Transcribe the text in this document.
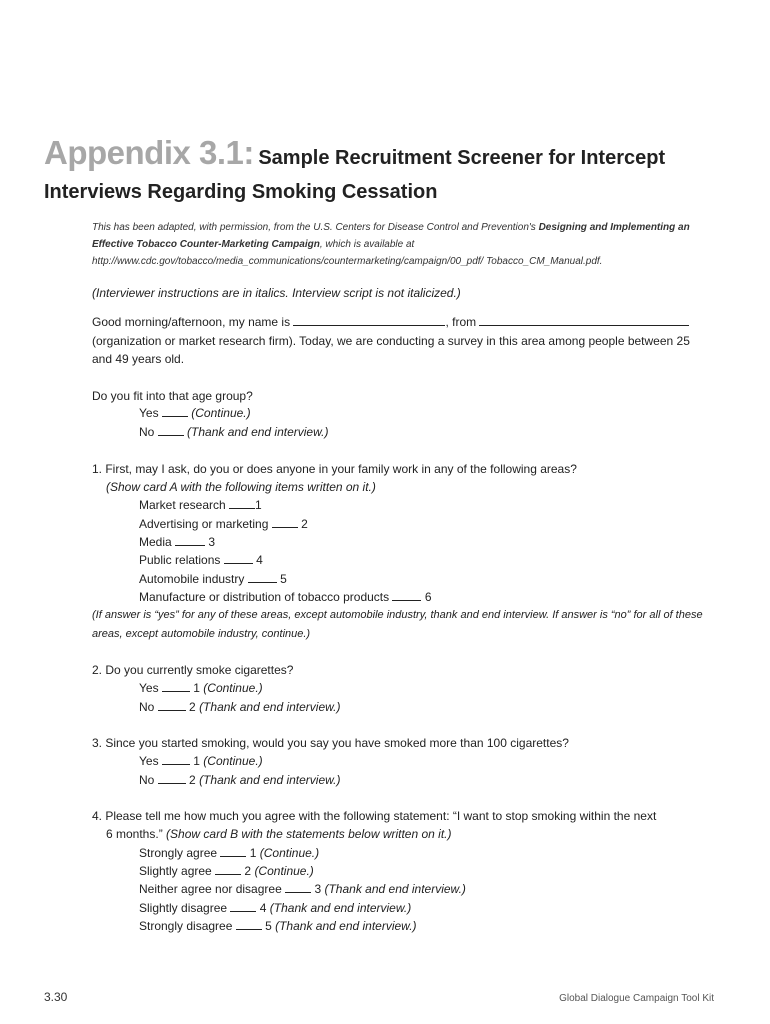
Appendix 3.1: Sample Recruitment Screener for Intercept
Interviews Regarding Smoking Cessation
This has been adapted, with permission, from the U.S. Centers for Disease Control and Prevention's Designing and Implementing an Effective Tobacco Counter-Marketing Campaign, which is available at http://www.cdc.gov/tobacco/media_communications/countermarketing/campaign/00_pdf/ Tobacco_CM_Manual.pdf.
(Interviewer instructions are in italics. Interview script is not italicized.)
Good morning/afternoon, my name is	, from
(organization or market research firm). Today, we are conducting a survey in this area among people between 25
and 49 years old.
Do you fit into that age group?
Yes	(Continue.)
No	(Thank and end interview.)
1. First, may I ask, do you or does anyone in your family work in any of the following areas?
(Show card A with the following items written on it.)
Market research 1
Advertising or marketing	2
Media	3
Public relations	4
Automobile industry	5
Manufacture or distribution of tobacco products	6
(If answer is “yes” for any of these areas, except automobile industry, thank and end interview. If answer is “no” for all of these
areas, except automobile industry, continue.)
2. Do you currently smoke cigarettes?
Yes	1 (Continue.)
No	2 (Thank and end interview.)
3. Since you started smoking, would you say you have smoked more than 100 cigarettes?
Yes	1 (Continue.)
No	2 (Thank and end interview.)
4. Please tell me how much you agree with the following statement: “I want to stop smoking within the next
6 months.” (Show card B with the statements below written on it.)
Strongly agree	1 (Continue.)
Slightly agree	2 (Continue.)
Neither agree nor disagree	3 (Thank and end interview.)
Slightly disagree	4 (Thank and end interview.)
Strongly disagree	5 (Thank and end interview.)
3.30	Global Dialogue Campaign Tool Kit
